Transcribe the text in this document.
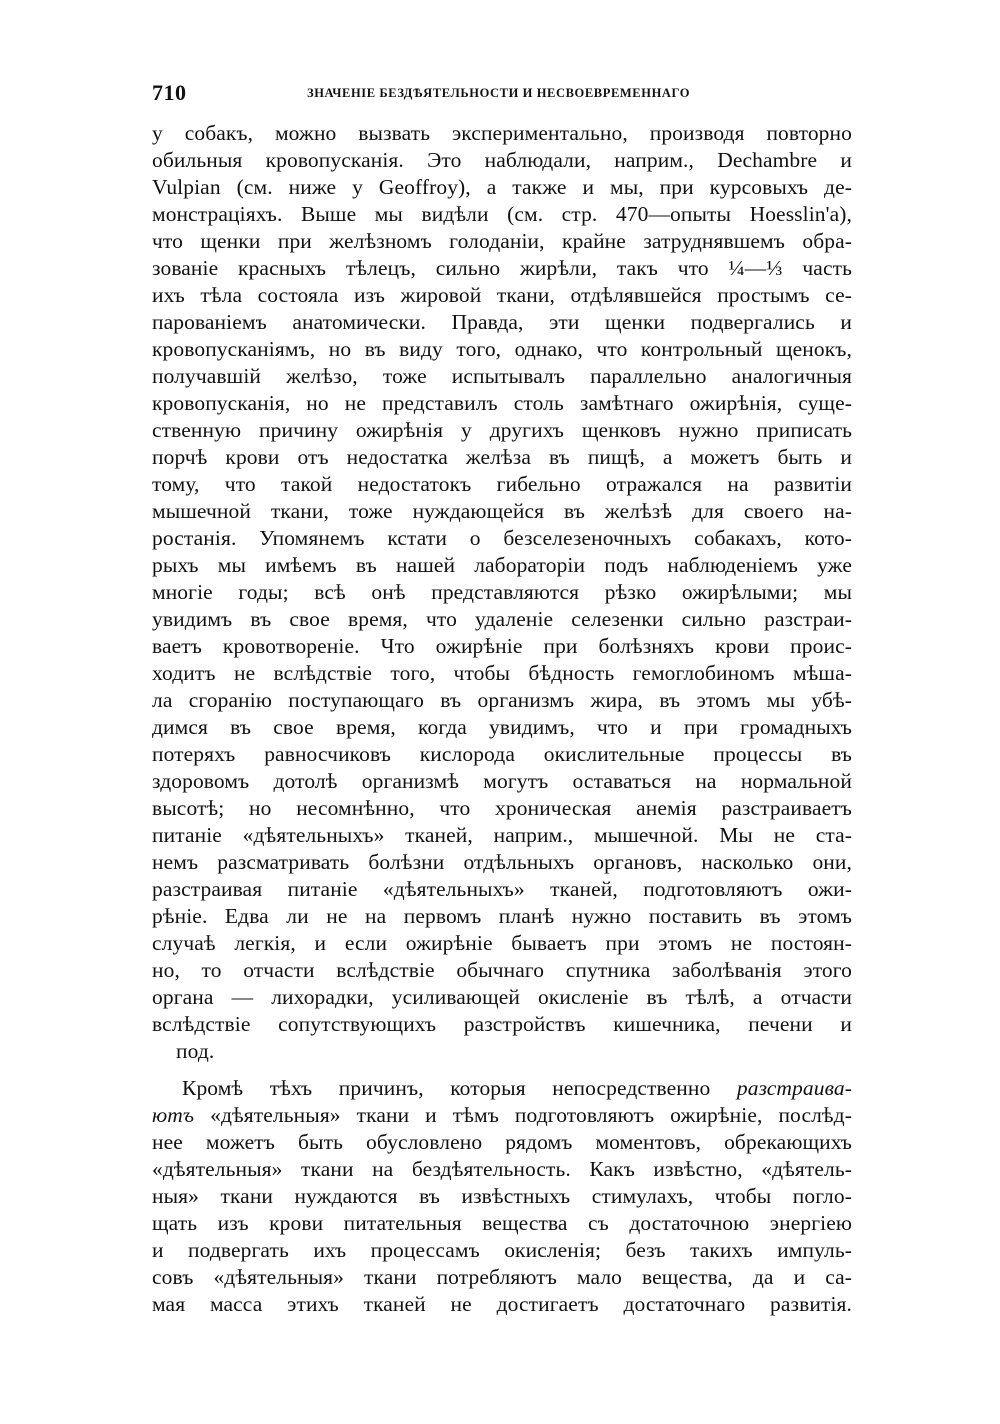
710	ЗНАЧЕНІЕ БЕЗДѢЯТЕЛЬНОСТИ И НЕСВОЕВРЕМЕННАГО
у собакъ, можно вызвать экспериментально, производя повторно
обильныя кровопусканія. Это наблюдали, наприм., Dechambre и
Vulpian (см. ниже у Geoffroy), а также и мы, при курсовыхъ де-
монстраціяхъ. Выше мы видѣли (см. стр. 470—опыты Hoesslin'a),
что щенки при желѣзномъ голоданіи, крайне затруднявшемъ обра-
зованіе красныхъ тѣлецъ, сильно жирѣли, такъ что ¼—⅓ часть
ихъ тѣла состояла изъ жировой ткани, отдѣлявшейся простымъ се-
парованіемъ анатомически. Правда, эти щенки подвергались и
кровопусканіямъ, но въ виду того, однако, что контрольный щенокъ,
получавшій желѣзо, тоже испытывалъ параллельно аналогичныя
кровопусканія, но не представилъ столь замѣтнаго ожирѣнія, суще-
ственную причину ожирѣнія у другихъ щенковъ нужно приписать
порчѣ крови отъ недостатка желѣза въ пищѣ, а можетъ быть и
тому, что такой недостатокъ гибельно отражался на развитіи
мышечной ткани, тоже нуждающейся въ желѣзѣ для своего на-
ростанія. Упомянемъ кстати о безселезеночныхъ собакахъ, кото-
рыхъ мы имѣемъ въ нашей лабораторіи подъ наблюденіемъ уже
многіе годы; всѣ онѣ представляются рѣзко ожирѣлыми; мы
увидимъ въ свое время, что удаленіе селезенки сильно разстраи-
ваетъ кровотвореніе. Что ожирѣніе при болѣзняхъ крови проис-
ходитъ не вслѣдствіе того, чтобы бѣдность гемоглобиномъ мѣша-
ла сгоранію поступающаго въ организмъ жира, въ этомъ мы убѣ-
димся въ свое время, когда увидимъ, что и при громадныхъ
потеряхъ равносчиковъ кислорода окислительные процессы въ
здоровомъ дотолѣ организмѣ могутъ оставаться на нормальной
высотѣ; но несомнѣнно, что хроническая анемія разстраиваетъ
питаніе «дѣятельныхъ» тканей, наприм., мышечной. Мы не ста-
немъ разсматривать болѣзни отдѣльныхъ органовъ, насколько они,
разстраивая питаніе «дѣятельныхъ» тканей, подготовляютъ ожи-
рѣніе. Едва ли не на первомъ планѣ нужно поставить въ этомъ
случаѣ легкія, и если ожирѣніе бываетъ при этомъ не постоян-
но, то отчасти вслѣдствіе обычнаго спутника заболѣванія этого
органа — лихорадки, усиливающей окисленіе въ тѣлѣ, а отчасти
вслѣдствіе сопутствующихъ разстройствъ кишечника, печени и
под.
Кромѣ тѣхъ причинъ, которыя непосредственно разстраива-
ютъ «дѣятельныя» ткани и тѣмъ подготовляютъ ожирѣніе, послѣд-
нее можетъ быть обусловлено рядомъ моментовъ, обрекающихъ
«дѣятельныя» ткани на бездѣятельность. Какъ извѣстно, «дѣятель-
ныя» ткани нуждаются въ извѣстныхъ стимулахъ, чтобы погло-
щать изъ крови питательныя вещества съ достаточною энергіею
и подвергать ихъ процессамъ окисленія; безъ такихъ импуль-
совъ «дѣятельныя» ткани потребляютъ мало вещества, да и са-
мая масса этихъ тканей не достигаетъ достаточнаго развитія.
